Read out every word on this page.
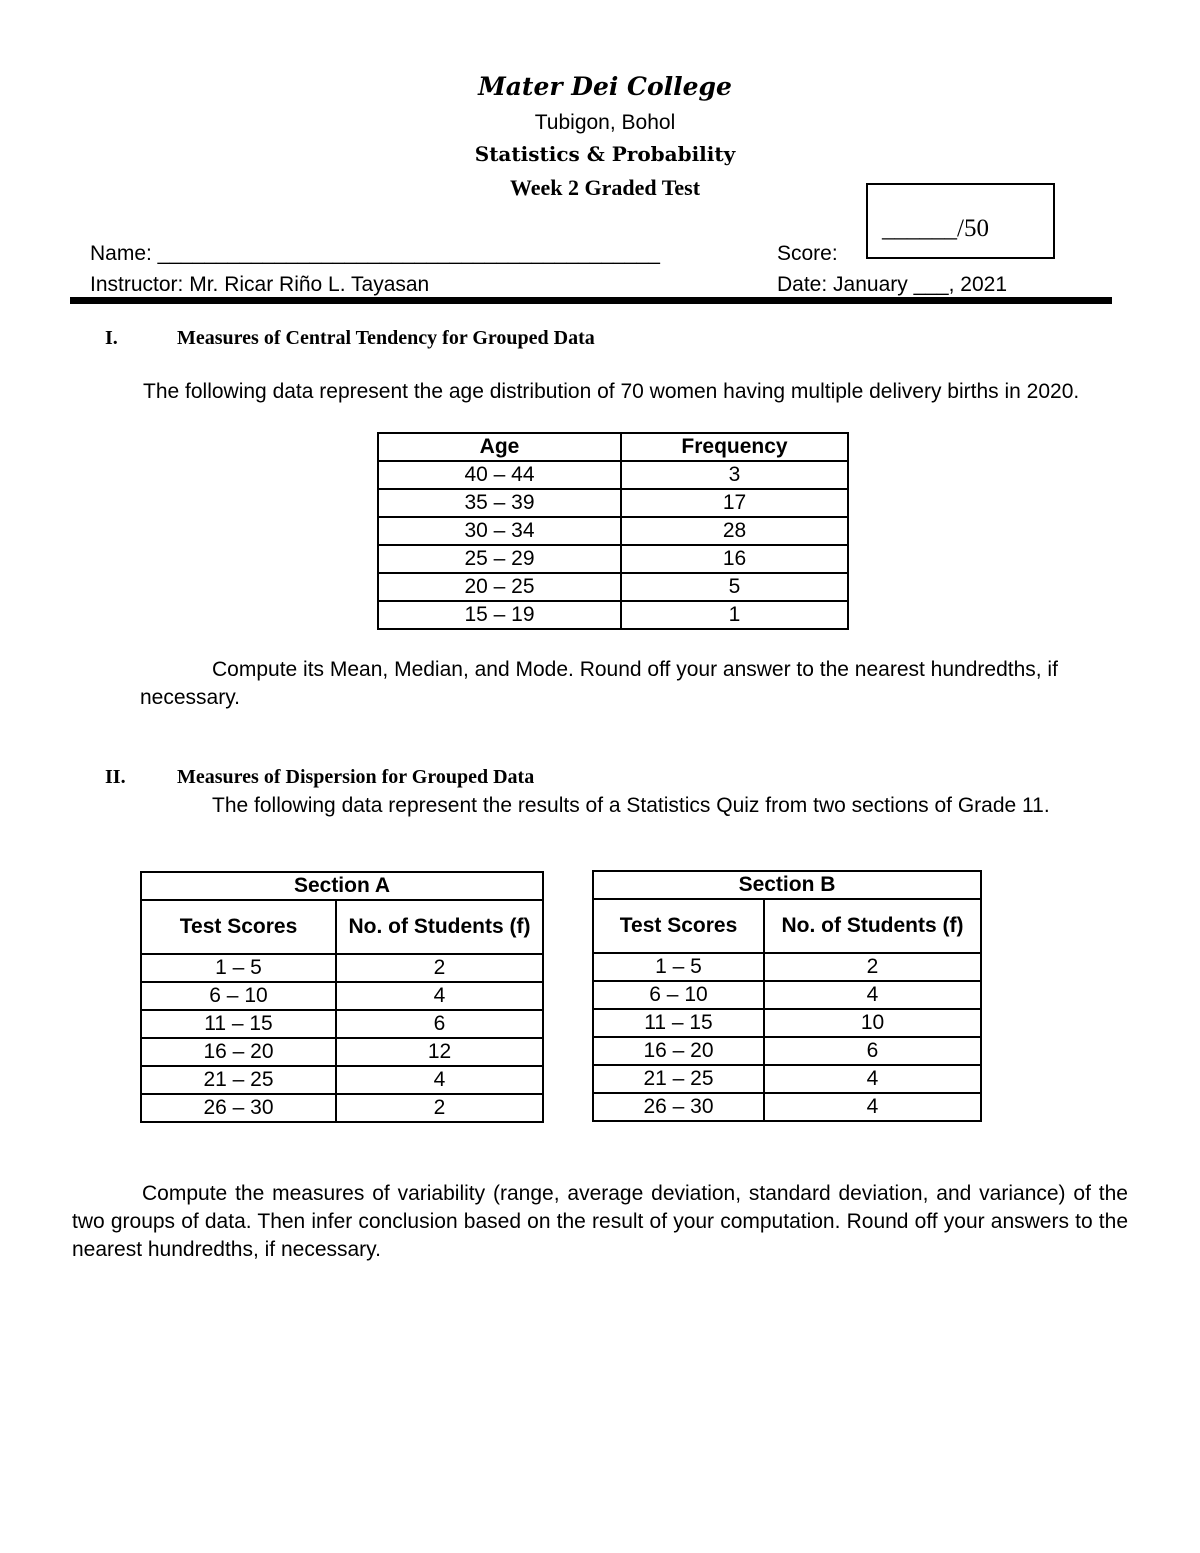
Mater Dei College
Tubigon, Bohol
Statistics & Probability
Week 2 Graded Test
______/50
Name: ___________________________________________	Score:
Instructor: Mr. Ricar Riño L. Tayasan	Date: January ___, 2021
I.	Measures of Central Tendency for Grouped Data
The following data represent the age distribution of 70 women having multiple delivery births in 2020.
Age	Frequency
40 – 44	3
35 – 39	17
30 – 34	28
25 – 29	16
20 – 25	5
15 – 19	1
Compute its Mean, Median, and Mode. Round off your answer to the nearest hundredths, if necessary.
II.	Measures of Dispersion for Grouped Data
The following data represent the results of a Statistics Quiz from two sections of Grade 11.
Section A	
Test Scores	No. of Students (f)
1 – 5	2
6 – 10	4
11 – 15	6
16 – 20	12
21 – 25	4
26 – 30	2
Section B	
Test Scores	No. of Students (f)
1 – 5	2
6 – 10	4
11 – 15	10
16 – 20	6
21 – 25	4
26 – 30	4
Compute the measures of variability (range, average deviation, standard deviation, and variance) of the two groups of data. Then infer conclusion based on the result of your computation. Round off your answers to the nearest hundredths, if necessary.
